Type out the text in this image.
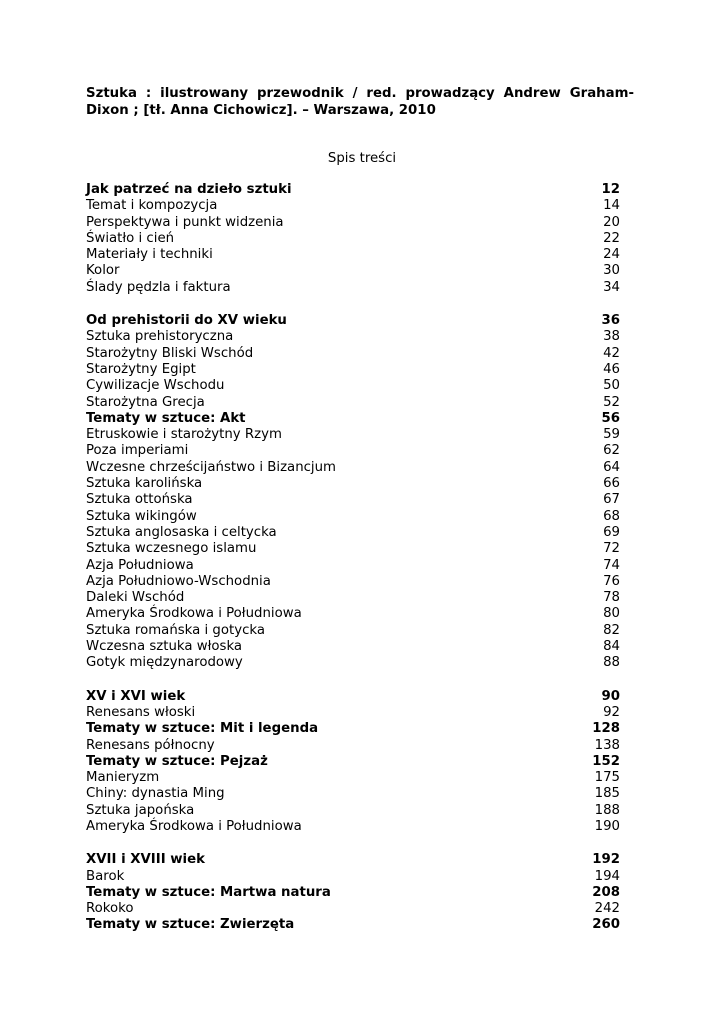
Sztuka : ilustrowany przewodnik / red. prowadzący Andrew Graham-Dixon ; [tł. Anna Cichowicz]. – Warszawa, 2010

Spis treści

Jak patrzeć na dzieło sztuki	12
Temat i kompozycja	14
Perspektywa i punkt widzenia	20
Światło i cień	22
Materiały i techniki	24
Kolor	30
Ślady pędzla i faktura	34
Od prehistorii do XV wieku	36
Sztuka prehistoryczna	38
Starożytny Bliski Wschód	42
Starożytny Egipt	46
Cywilizacje Wschodu	50
Starożytna Grecja	52
Tematy w sztuce: Akt	56
Etruskowie i starożytny Rzym	59
Poza imperiami	62
Wczesne chrześcijaństwo i Bizancjum	64
Sztuka karolińska	66
Sztuka ottońska	67
Sztuka wikingów	68
Sztuka anglosaska i celtycka	69
Sztuka wczesnego islamu	72
Azja Południowa	74
Azja Południowo-Wschodnia	76
Daleki Wschód	78
Ameryka Środkowa i Południowa	80
Sztuka romańska i gotycka	82
Wczesna sztuka włoska	84
Gotyk międzynarodowy	88
XV i XVI wiek	90
Renesans włoski	92
Tematy w sztuce: Mit i legenda	128
Renesans północny	138
Tematy w sztuce: Pejzaż	152
Manieryzm	175
Chiny: dynastia Ming	185
Sztuka japońska	188
Ameryka Środkowa i Południowa	190
XVII i XVIII wiek	192
Barok	194
Tematy w sztuce: Martwa natura	208
Rokoko	242
Tematy w sztuce: Zwierzęta	260
